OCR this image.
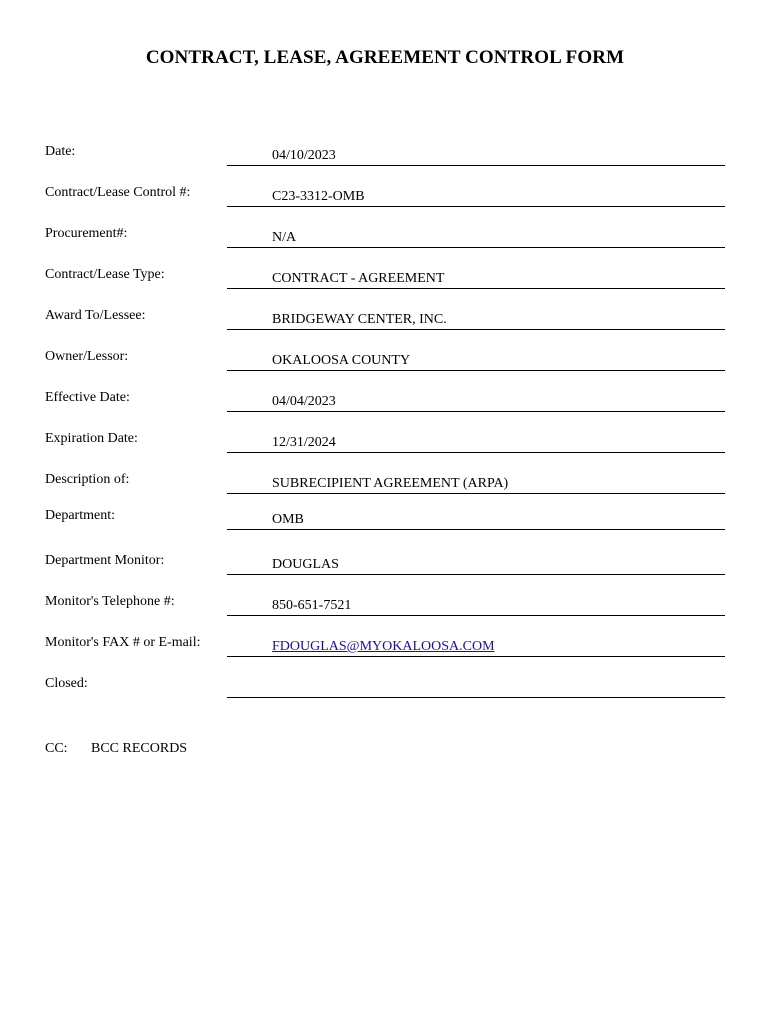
CONTRACT, LEASE, AGREEMENT CONTROL FORM
Date:	04/10/2023
Contract/Lease Control #:	C23-3312-OMB
Procurement#:	N/A
Contract/Lease Type:	CONTRACT - AGREEMENT
Award To/Lessee:	BRIDGEWAY CENTER, INC.
Owner/Lessor:	OKALOOSA COUNTY
Effective Date:	04/04/2023
Expiration Date:	12/31/2024
Description of:	SUBRECIPIENT AGREEMENT (ARPA)
Department:	OMB
Department Monitor:	DOUGLAS
Monitor's Telephone #:	850-651-7521
Monitor's FAX # or E-mail:	FDOUGLAS@MYOKALOOSA.COM
Closed:
CC: BCC RECORDS
